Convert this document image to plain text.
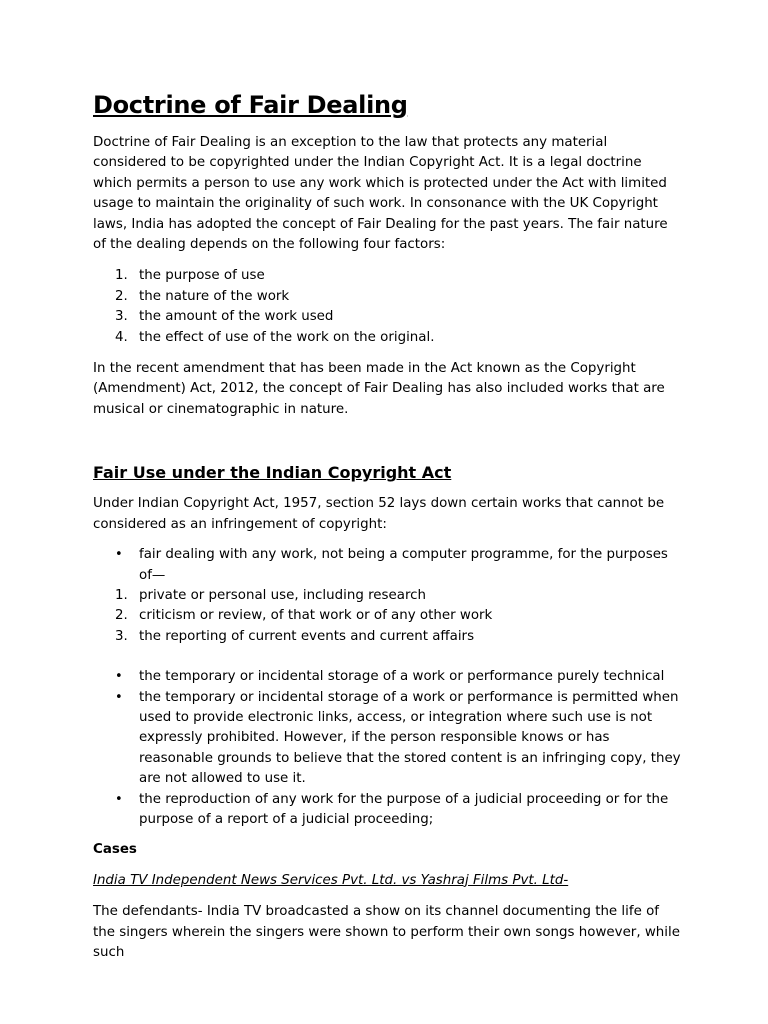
Doctrine of Fair Dealing

Doctrine of Fair Dealing is an exception to the law that protects any material considered to be copyrighted under the Indian Copyright Act. It is a legal doctrine which permits a person to use any work which is protected under the Act with limited usage to maintain the originality of such work. In consonance with the UK Copyright laws, India has adopted the concept of Fair Dealing for the past years. The fair nature of the dealing depends on the following four factors:

1. the purpose of use
2. the nature of the work
3. the amount of the work used
4. the effect of use of the work on the original.

In the recent amendment that has been made in the Act known as the Copyright (Amendment) Act, 2012, the concept of Fair Dealing has also included works that are musical or cinematographic in nature.

Fair Use under the Indian Copyright Act

Under Indian Copyright Act, 1957, section 52 lays down certain works that cannot be considered as an infringement of copyright:

• fair dealing with any work, not being a computer programme, for the purposes of—
1. private or personal use, including research
2. criticism or review, of that work or of any other work
3. the reporting of current events and current affairs
• the temporary or incidental storage of a work or performance purely technical
• the temporary or incidental storage of a work or performance is permitted when used to provide electronic links, access, or integration where such use is not expressly prohibited. However, if the person responsible knows or has reasonable grounds to believe that the stored content is an infringing copy, they are not allowed to use it.
• the reproduction of any work for the purpose of a judicial proceeding or for the purpose of a report of a judicial proceeding;

Cases

India TV Independent News Services Pvt. Ltd. vs Yashraj Films Pvt. Ltd-

The defendants- India TV broadcasted a show on its channel documenting the life of the singers wherein the singers were shown to perform their own songs however, while such
